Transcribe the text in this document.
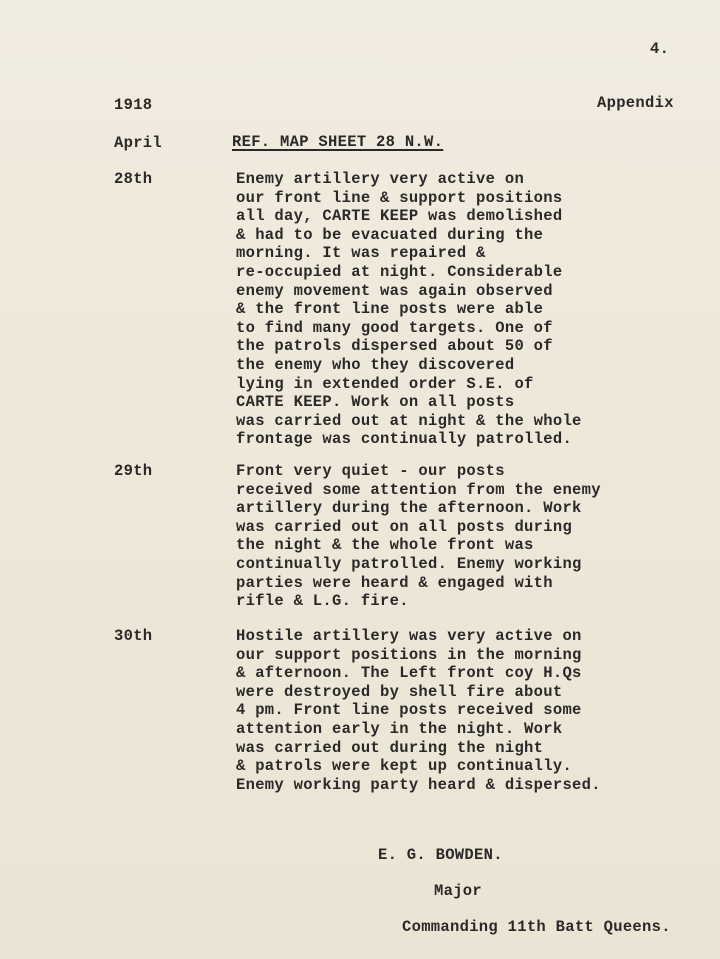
4.
1918	Appendix
April	REF. MAP SHEET 28 N.W.
28th	Enemy artillery very active on
our front line & support positions
all day, CARTE KEEP was demolished
& had to be evacuated during the
morning. It was repaired &
re-occupied at night. Considerable
enemy movement was again observed
& the front line posts were able
to find many good targets. One of
the patrols dispersed about 50 of
the enemy who they discovered
lying in extended order S.E. of
CARTE KEEP. Work on all posts
was carried out at night & the whole
frontage was continually patrolled.
29th	Front very quiet - our posts
received some attention from the enemy
artillery during the afternoon. Work
was carried out on all posts during
the night & the whole front was
continually patrolled. Enemy working
parties were heard & engaged with
rifle & L.G. fire.
30th	Hostile artillery was very active on
our support positions in the morning
& afternoon. The Left front coy H.Qs
were destroyed by shell fire about
4 pm. Front line posts received some
attention early in the night. Work
was carried out during the night
& patrols were kept up continually.
Enemy working party heard & dispersed.
E. G. BOWDEN.
Major
Commanding 11th Batt Queens.
